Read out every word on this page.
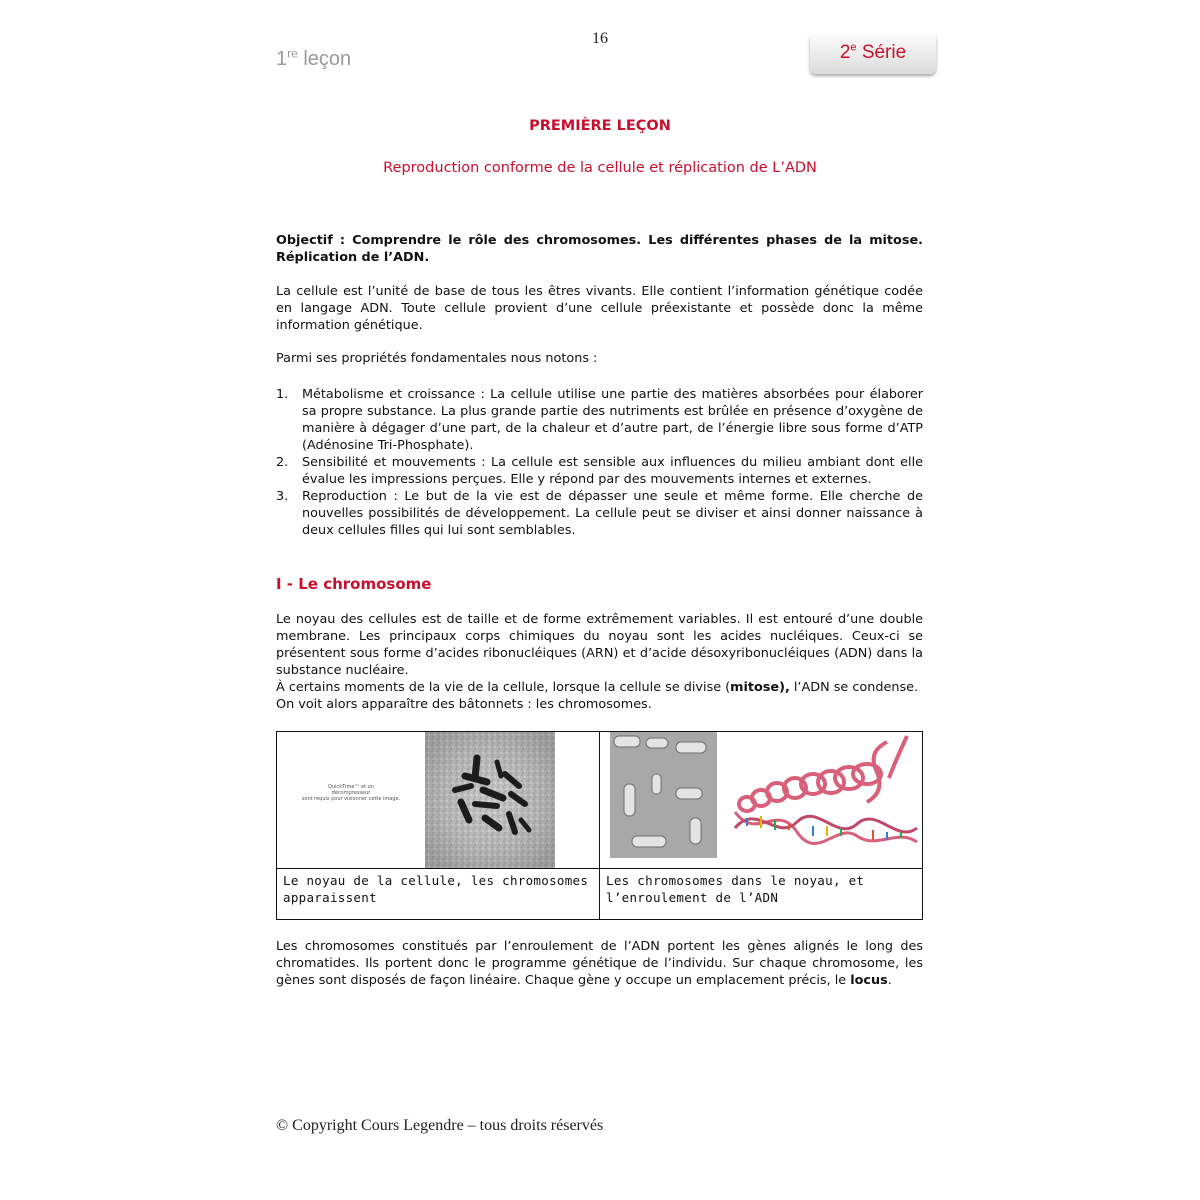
16
1re leçon	2e Série
PREMIÈRE LEÇON
Reproduction conforme de la cellule et réplication de L’ADN
Objectif : Comprendre le rôle des chromosomes. Les différentes phases de la mitose. Réplication de l’ADN.
La cellule est l’unité de base de tous les êtres vivants. Elle contient l’information génétique codée en langage ADN. Toute cellule provient d’une cellule préexistante et possède donc la même information génétique.
Parmi ses propriétés fondamentales nous notons :
1. Métabolisme et croissance : La cellule utilise une partie des matières absorbées pour élaborer sa propre substance. La plus grande partie des nutriments est brûlée en présence d’oxygène de manière à dégager d’une part, de la chaleur et d’autre part, de l’énergie libre sous forme d’ATP (Adénosine Tri-Phosphate).
2. Sensibilité et mouvements : La cellule est sensible aux influences du milieu ambiant dont elle évalue les impressions perçues. Elle y répond par des mouvements internes et externes.
3. Reproduction : Le but de la vie est de dépasser une seule et même forme. Elle cherche de nouvelles possibilités de développement. La cellule peut se diviser et ainsi donner naissance à deux cellules filles qui lui sont semblables.
I - Le chromosome
Le noyau des cellules est de taille et de forme extrêmement variables. Il est entouré d’une double membrane. Les principaux corps chimiques du noyau sont les acides nucléiques. Ceux-ci se présentent sous forme d’acides ribonucléiques (ARN) et d’acide désoxyribonucléiques (ADN) dans la substance nucléaire.
À certains moments de la vie de la cellule, lorsque la cellule se divise (mitose), l’ADN se condense.
On voit alors apparaître des bâtonnets : les chromosomes.
QuickTime™ et un
décompresseur
sont requis pour visionner cette image.
Le noyau de la cellule, les chromosomes apparaissent
Les chromosomes dans le noyau, et l’enroulement de l’ADN
Les chromosomes constitués par l’enroulement de l’ADN portent les gènes alignés le long des chromatides. Ils portent donc le programme génétique de l’individu. Sur chaque chromosome, les gènes sont disposés de façon linéaire. Chaque gène y occupe un emplacement précis, le locus.
© Copyright Cours Legendre – tous droits réservés
